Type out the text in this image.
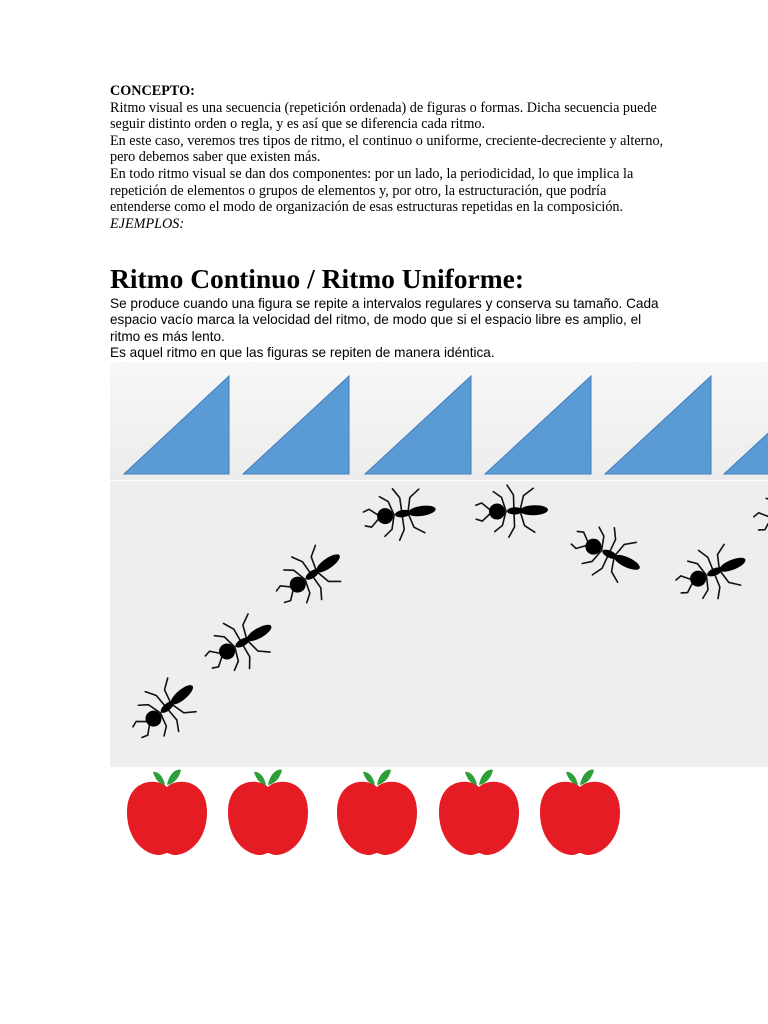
CONCEPTO:

Ritmo visual es una secuencia (repetición ordenada) de figuras o formas. Dicha secuencia puede seguir distinto orden o regla, y es así que se diferencia cada ritmo.

En este caso, veremos tres tipos de ritmo, el continuo o uniforme, creciente-decreciente y alterno, pero debemos saber que existen más.

En todo ritmo visual se dan dos componentes: por un lado, la periodicidad, lo que implica la repetición de elementos o grupos de elementos y, por otro, la estructuración, que podría entenderse como el modo de organización de esas estructuras repetidas en la composición.

EJEMPLOS:

Ritmo Continuo / Ritmo Uniforme:

Se produce cuando una figura se repite a intervalos regulares y conserva su tamaño. Cada espacio vacío marca la velocidad del ritmo, de modo que si el espacio libre es amplio, el ritmo es más lento.

Es aquel ritmo en que las figuras se repiten de manera idéntica.
